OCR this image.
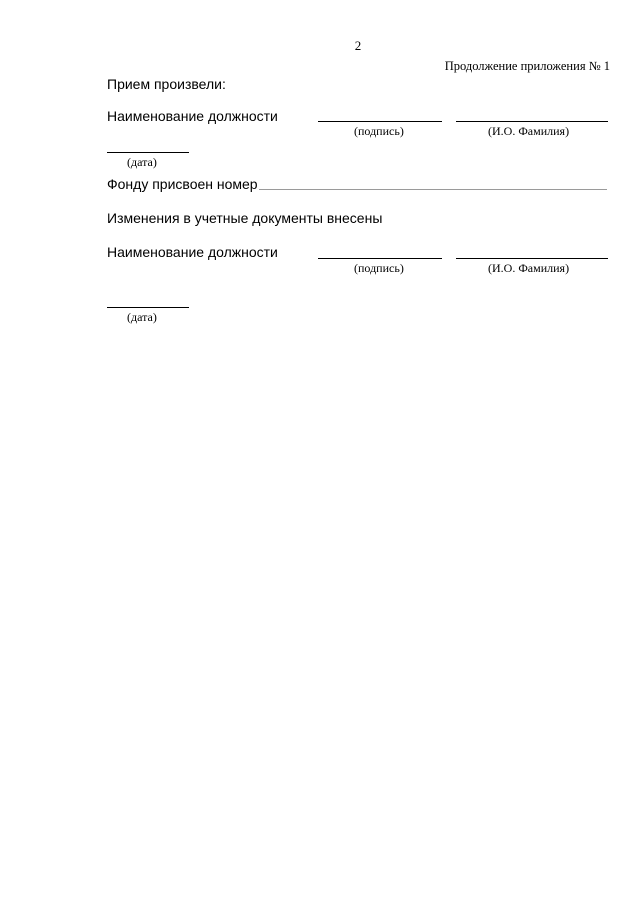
2
Продолжение приложения № 1
Прием произвели:
Наименование должности
(подпись)	(И.О. Фамилия)
(дата)
Фонду присвоен номер
Изменения в учетные документы внесены
Наименование должности
(подпись)	(И.О. Фамилия)
(дата)
